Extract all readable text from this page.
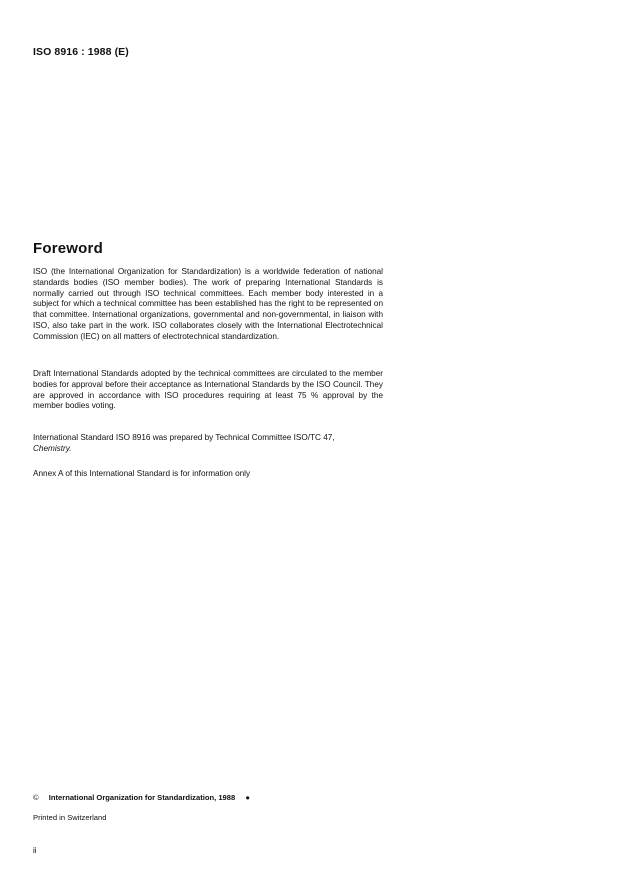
ISO 8916 : 1988 (E)
Foreword

ISO (the International Organization for Standardization) is a worldwide federation of national standards bodies (ISO member bodies). The work of preparing International Standards is normally carried out through ISO technical committees. Each member body interested in a subject for which a technical committee has been established has the right to be represented on that committee. International organizations, governmental and non-governmental, in liaison with ISO, also take part in the work. ISO collaborates closely with the International Electrotechnical Commission (IEC) on all matters of electrotechnical standardization.

Draft International Standards adopted by the technical committees are circulated to the member bodies for approval before their acceptance as International Standards by the ISO Council. They are approved in accordance with ISO procedures requiring at least 75 % approval by the member bodies voting.

International Standard ISO 8916 was prepared by Technical Committee ISO/TC 47,
Chemistry.

Annex A of this International Standard is for information only

© International Organization for Standardization, 1988 ●
Printed in Switzerland
ii
